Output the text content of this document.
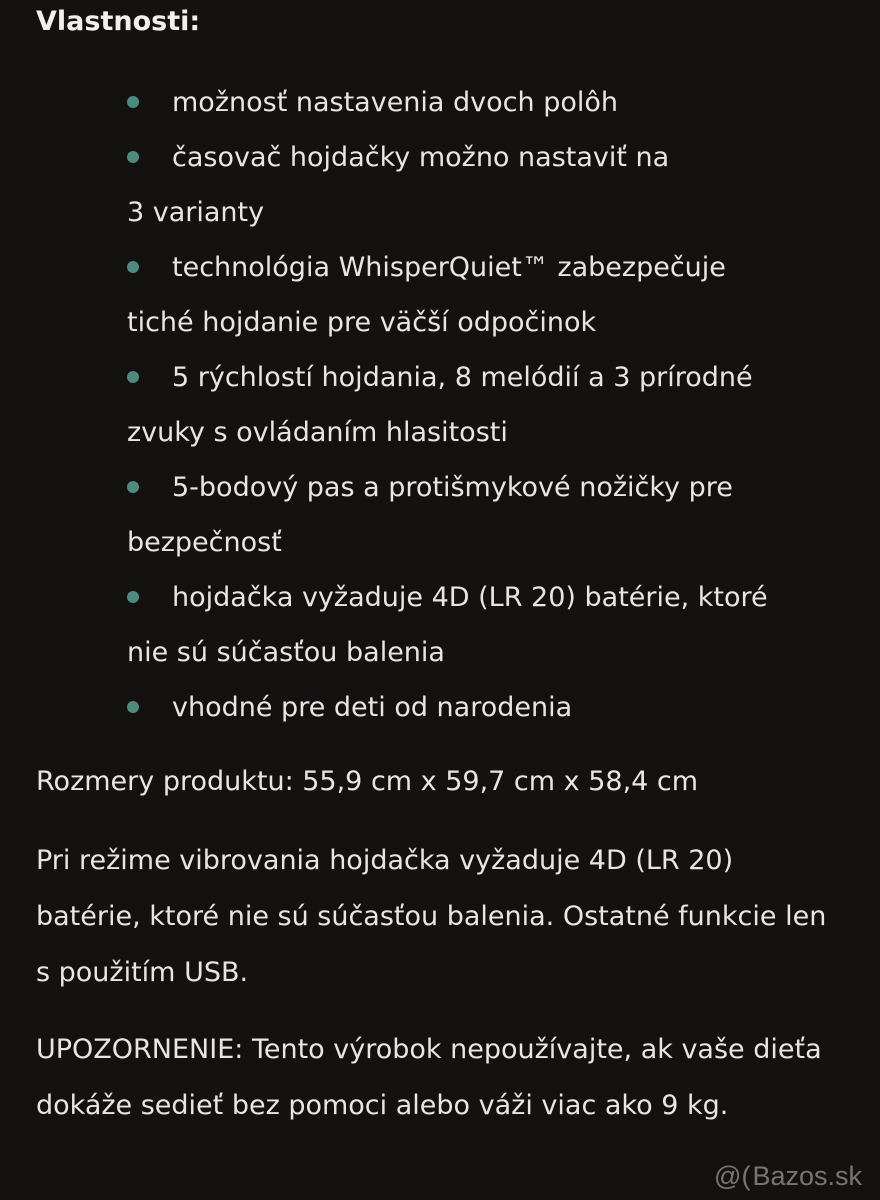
Vlastnosti:
možnosť nastavenia dvoch polôh
časovač hojdačky možno nastaviť na
3 varianty
technológia WhisperQuiet™ zabezpečuje
tiché hojdanie pre väčší odpočinok
5 rýchlostí hojdania, 8 melódií a 3 prírodné
zvuky s ovládaním hlasitosti
5-bodový pas a protišmykové nožičky pre
bezpečnosť
hojdačka vyžaduje 4D (LR 20) batérie, ktoré
nie sú súčasťou balenia
vhodné pre deti od narodenia

Rozmery produktu: 55,9 cm x 59,7 cm x 58,4 cm

Pri režime vibrovania hojdačka vyžaduje 4D (LR 20) batérie, ktoré nie sú súčasťou balenia. Ostatné funkcie len s použitím USB.

UPOZORNENIE: Tento výrobok nepoužívajte, ak vaše dieťa dokáže sedieť bez pomoci alebo váži viac ako 9 kg.

@( Bazos.sk
